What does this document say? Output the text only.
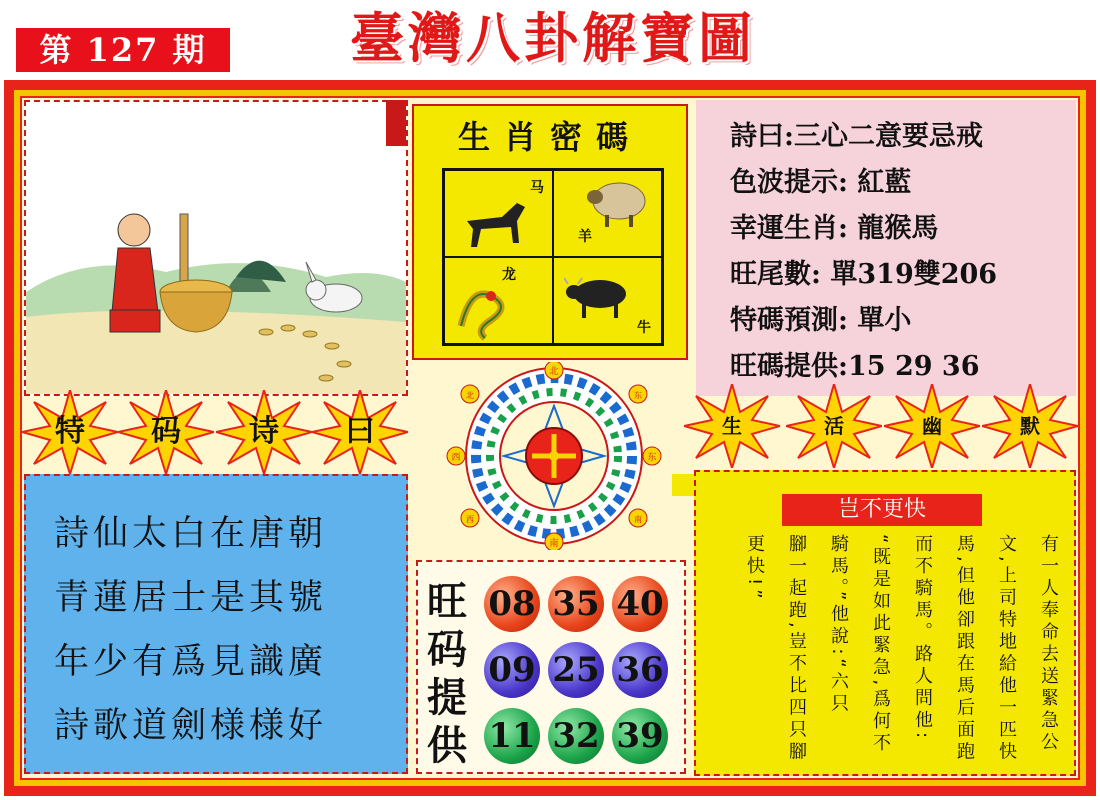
第 127 期	臺灣八卦解寶圖
生肖密碼
马
羊
龙
牛
詩曰:三心二意要忌戒
色波提示: 紅藍
幸運生肖: 龍猴馬
旺尾數: 單319雙206
特碼預測: 單小
旺碼提供:15 29 36
特	码	诗	曰	生	活	幽	默
詩仙太白在唐朝
青蓮居士是其號
年少有爲見識廣
詩歌道劍様様好
北
东
南
西
东
北
南
西
旺
码
提
供
08 35 40
09 25 36
11 32 39
岂不更快
有一人奉命去送緊急公
文,上司特地給他一匹快
馬,但他卻跟在馬后面跑
而不騎馬。路人問他:
“既是如此緊急,爲何不
騎馬。”他說:“六只
腳一起跑,豈不比四只腳
更快!”
